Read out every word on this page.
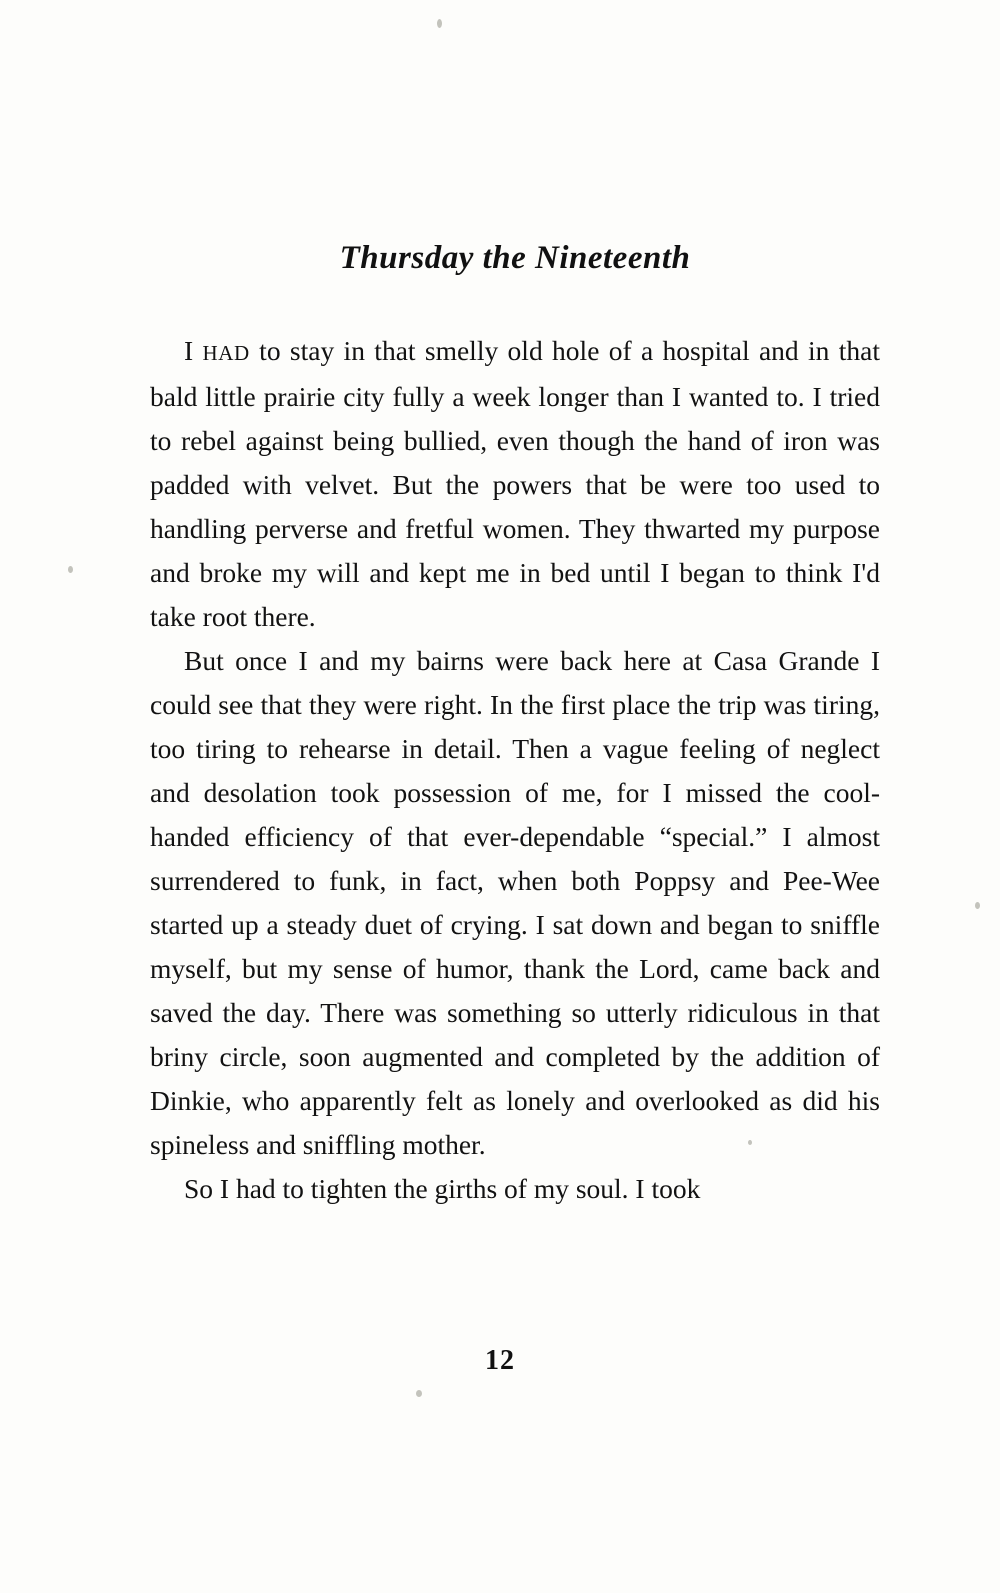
Thursday the Nineteenth

I HAD to stay in that smelly old hole of a hospital and in that bald little prairie city fully a week longer than I wanted to. I tried to rebel against being bullied, even though the hand of iron was padded with velvet. But the powers that be were too used to handling perverse and fretful women. They thwarted my purpose and broke my will and kept me in bed until I began to think I'd take root there.

But once I and my bairns were back here at Casa Grande I could see that they were right. In the first place the trip was tiring, too tiring to rehearse in detail. Then a vague feeling of neglect and desolation took possession of me, for I missed the cool-handed efficiency of that ever-dependable “special.” I almost surrendered to funk, in fact, when both Poppsy and Pee-Wee started up a steady duet of crying. I sat down and began to sniffle myself, but my sense of humor, thank the Lord, came back and saved the day. There was something so utterly ridiculous in that briny circle, soon augmented and completed by the addition of Dinkie, who apparently felt as lonely and overlooked as did his spineless and sniffling mother.

So I had to tighten the girths of my soul. I took

12
